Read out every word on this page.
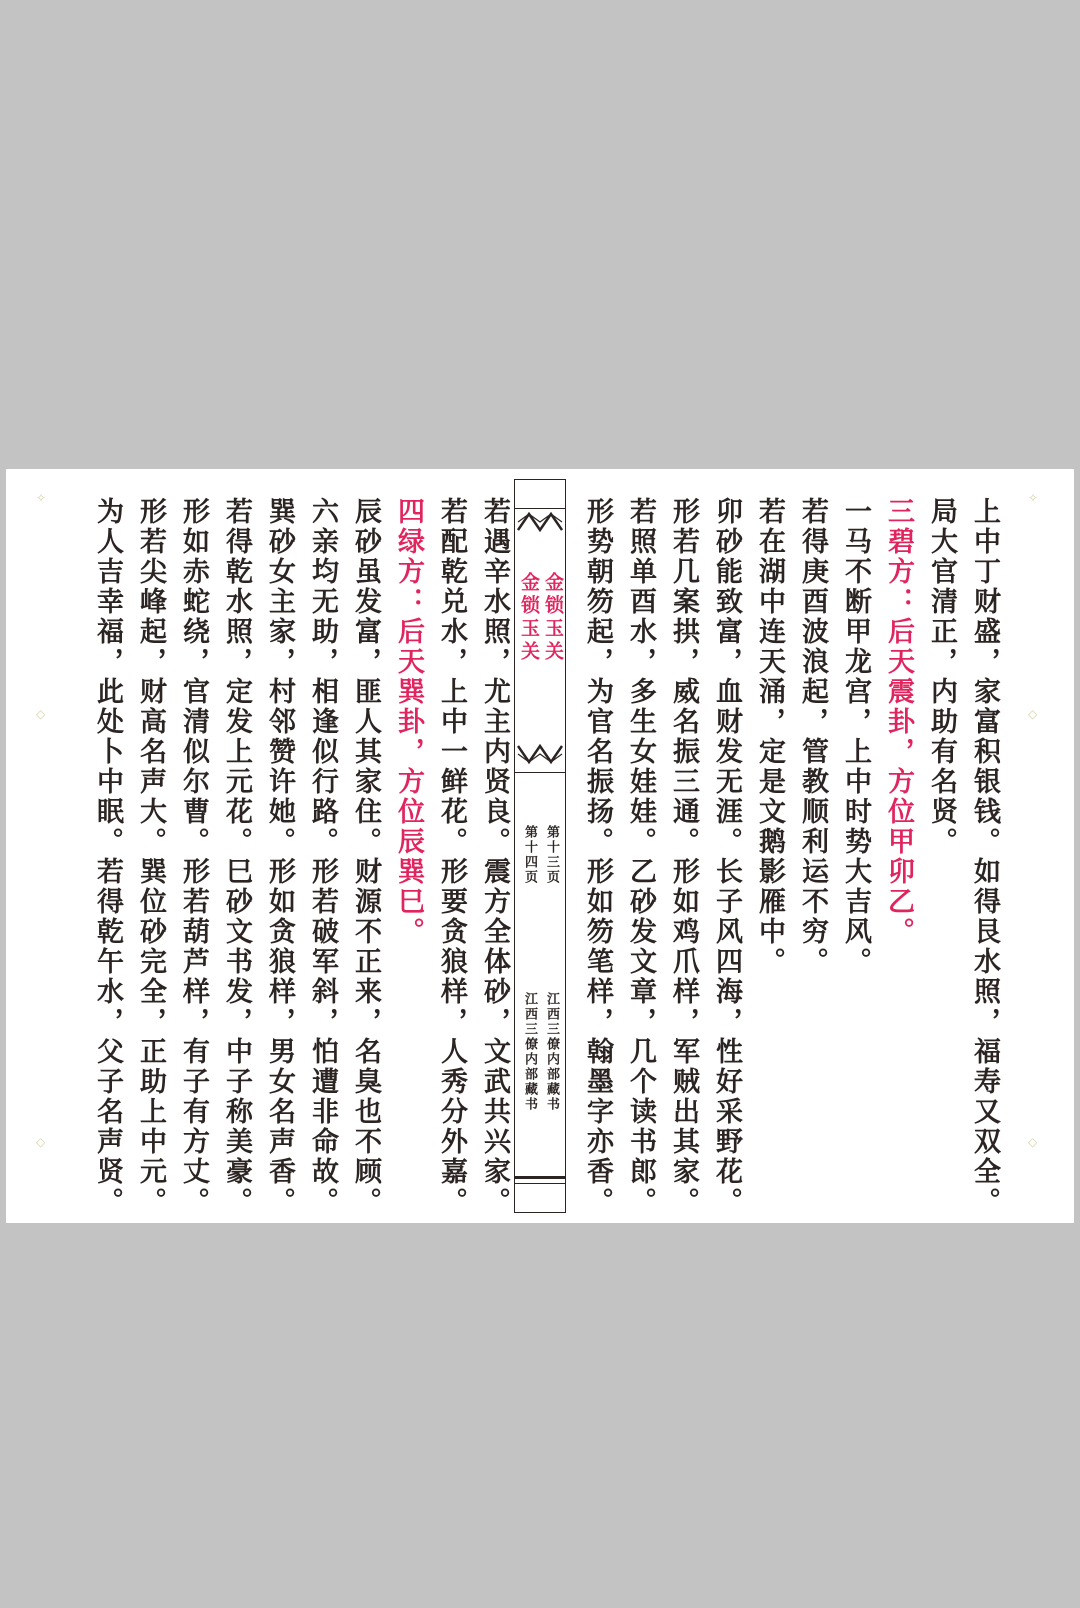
上中丁财盛，家富积银钱。如得艮水照，福寿又双全。
局大官清正，内助有名贤。
三碧方：后天震卦，方位甲卯乙。
一马不断甲龙宫，上中时势大吉风。
若得庚酉波浪起，管教顺利运不穷。
若在湖中连天涌，定是文鹅影雁中。
卯砂能致富，血财发无涯。长子风四海，性好采野花。
形若几案拱，威名振三通。形如鸡爪样，军贼出其家。
若照单酉水，多生女娃娃。乙砂发文章，几个读书郎。
形势朝笏起，为官名振扬。形如笏笔样，翰墨字亦香。
金锁玉关
金锁玉关
第十三页
第十四页
江西三僚内部藏书
江西三僚内部藏书
若遇辛水照，尤主内贤良。震方全体砂，文武共兴家。
若配乾兑水，上中一鲜花。形要贪狼样，人秀分外嘉。
四绿方：后天巽卦，方位辰巽巳。
辰砂虽发富，匪人其家住。财源不正来，名臭也不顾。
六亲均无助，相逢似行路。形若破军斜，怕遭非命故。
巽砂女主家，村邻赞许她。形如贪狼样，男女名声香。
若得乾水照，定发上元花。巳砂文书发，中子称美豪。
形如赤蛇绕，官清似尔曹。形若葫芦样，有子有方丈。
形若尖峰起，财高名声大。巽位砂完全，正助上中元。
为人吉幸福，此处卜中眠。若得乾午水，父子名声贤。
✧	✧
◇	◇
◇	◇
